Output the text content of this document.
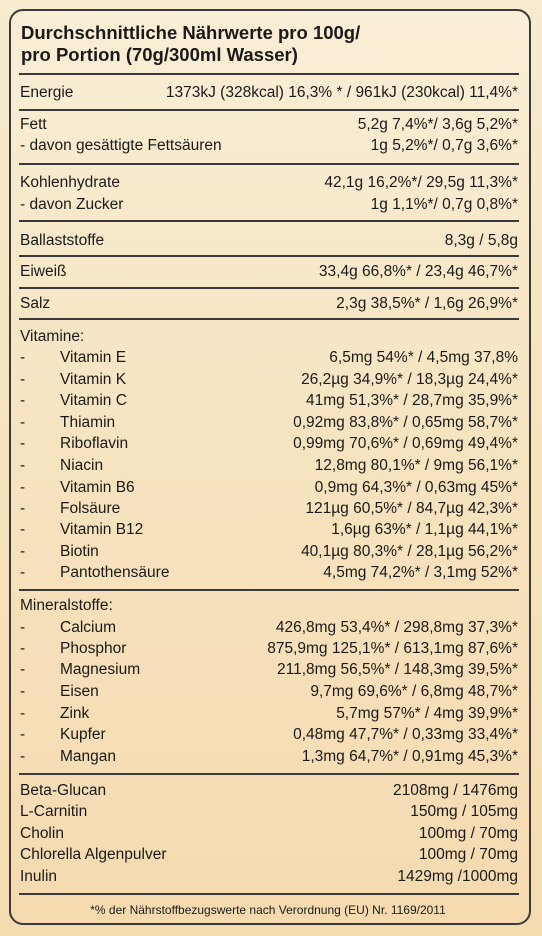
Durchschnittliche Nährwerte pro 100g/
pro Portion (70g/300ml Wasser)
Energie	1373kJ (328kcal) 16,3% * / 961kJ (230kcal) 11,4%*
Fett	5,2g 7,4%*/ 3,6g 5,2%*
- davon gesättigte Fettsäuren	1g 5,2%*/ 0,7g 3,6%*
Kohlenhydrate	42,1g 16,2%*/ 29,5g 11,3%*
- davon Zucker	1g 1,1%*/ 0,7g 0,8%*
Ballaststoffe	8,3g / 5,8g
Eiweiß	33,4g 66,8%* / 23,4g 46,7%*
Salz	2,3g 38,5%* / 1,6g 26,9%*
Vitamine:
- Vitamin E	6,5mg 54%* / 4,5mg 37,8%
- Vitamin K	26,2µg 34,9%* / 18,3µg 24,4%*
- Vitamin C	41mg 51,3%* / 28,7mg 35,9%*
- Thiamin	0,92mg 83,8%* / 0,65mg 58,7%*
- Riboflavin	0,99mg 70,6%* / 0,69mg 49,4%*
- Niacin	12,8mg 80,1%* / 9mg 56,1%*
- Vitamin B6	0,9mg 64,3%* / 0,63mg 45%*
- Folsäure	121µg 60,5%* / 84,7µg 42,3%*
- Vitamin B12	1,6µg 63%* / 1,1µg 44,1%*
- Biotin	40,1µg 80,3%* / 28,1µg 56,2%*
- Pantothensäure	4,5mg 74,2%* / 3,1mg 52%*
Mineralstoffe:
- Calcium	426,8mg 53,4%* / 298,8mg 37,3%*
- Phosphor	875,9mg 125,1%* / 613,1mg 87,6%*
- Magnesium	211,8mg 56,5%* / 148,3mg 39,5%*
- Eisen	9,7mg 69,6%* / 6,8mg 48,7%*
- Zink	5,7mg 57%* / 4mg 39,9%*
- Kupfer	0,48mg 47,7%* / 0,33mg 33,4%*
- Mangan	1,3mg 64,7%* / 0,91mg 45,3%*
Beta-Glucan	2108mg / 1476mg
L-Carnitin	150mg / 105mg
Cholin	100mg / 70mg
Chlorella Algenpulver	100mg / 70mg
Inulin	1429mg /1000mg
*% der Nährstoffbezugswerte nach Verordnung (EU) Nr. 1169/2011
